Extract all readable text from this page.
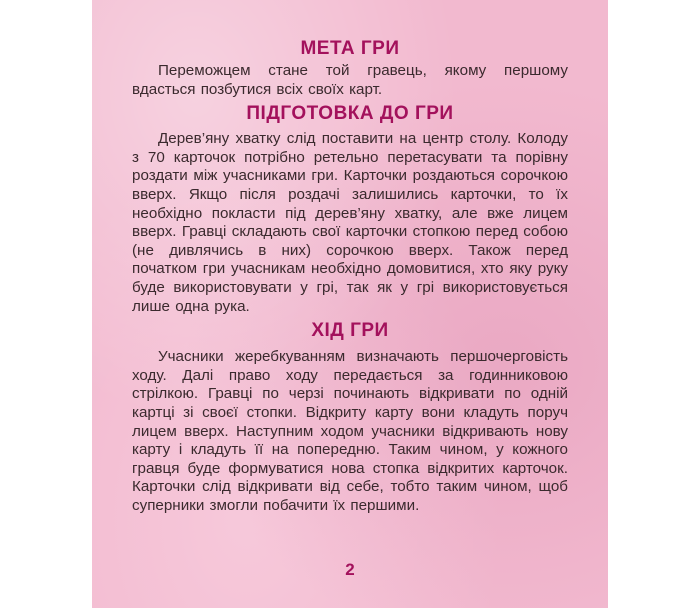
МЕТА ГРИ

Переможцем стане той гравець, якому першому вдасться позбутися всіх своїх карт.

ПІДГОТОВКА ДО ГРИ

Дерев’яну хватку слід поставити на центр столу. Колоду з 70 карточок потрібно ретельно перетасувати та порівну роздати між учасниками гри. Карточки роздаються сорочкою вверх. Якщо після роздачі залишились карточки, то їх необхідно покласти під дерев’яну хватку, але вже лицем вверх. Гравці складають свої карточки стопкою перед собою (не дивлячись в них) сорочкою вверх. Також перед початком гри учасникам необхідно домовитися, хто яку руку буде використовувати у грі, так як у грі використовується лише одна рука.

ХІД ГРИ

Учасники жеребкуванням визначають першочерговість ходу. Далі право ходу передається за годинниковою стрілкою. Гравці по черзі починають відкривати по одній картці зі своєї стопки. Відкриту карту вони кладуть поруч лицем вверх. Наступним ходом учасники відкривають нову карту і кладуть її на попередню. Таким чином, у кожного гравця буде формуватися нова стопка відкритих карточок. Карточки слід відкривати від себе, тобто таким чином, щоб суперники змогли побачити їх першими.

2
